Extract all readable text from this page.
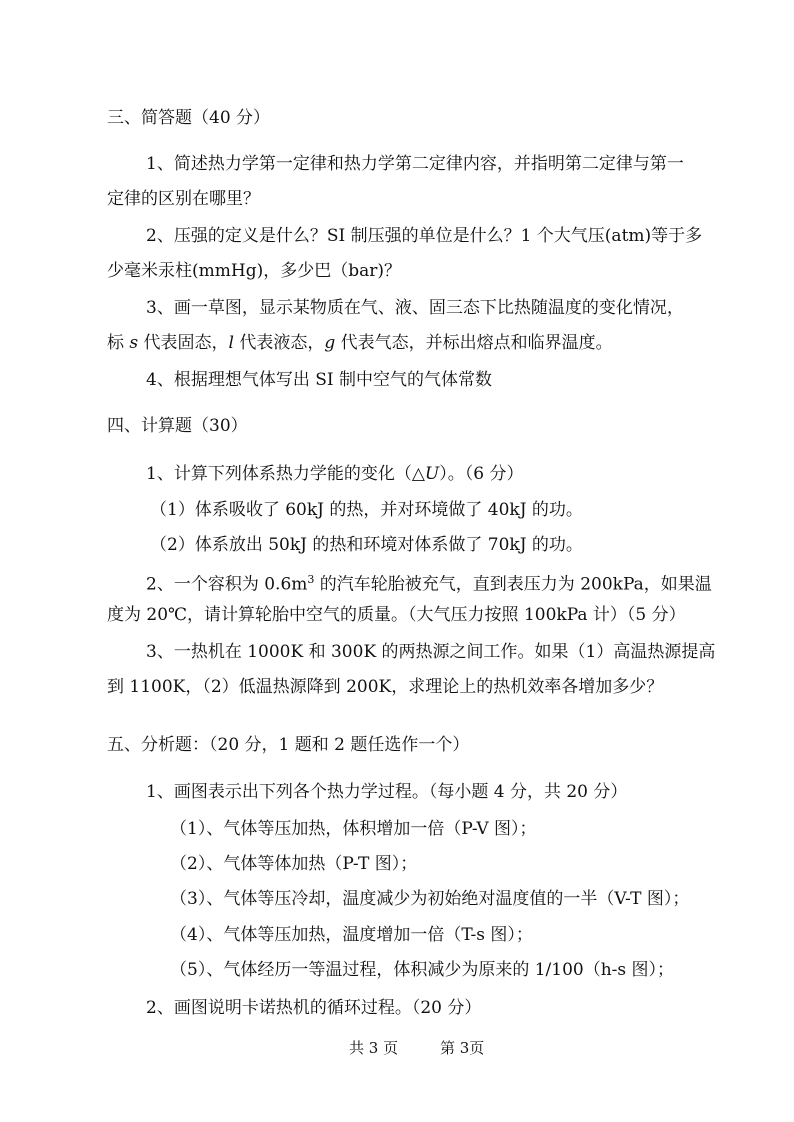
三、简答题（40 分）
1、简述热力学第一定律和热力学第二定律内容，并指明第二定律与第一
定律的区别在哪里？
2、压强的定义是什么？SI 制压强的单位是什么？1 个大气压(atm)等于多
少毫米汞柱(mmHg)，多少巴（bar)？
3、画一草图，显示某物质在气、液、固三态下比热随温度的变化情况，
标 s 代表固态，l 代表液态，g 代表气态，并标出熔点和临界温度。
4、根据理想气体写出 SI 制中空气的气体常数
四、计算题（30）
1、计算下列体系热力学能的变化（△U）。（6 分）
（1）体系吸收了 60kJ 的热，并对环境做了 40kJ 的功。
（2）体系放出 50kJ 的热和环境对体系做了 70kJ 的功。
2、一个容积为 $0.6m^3$ 的汽车轮胎被充气，直到表压力为 200kPa，如果温
度为 20℃，请计算轮胎中空气的质量。（大气压力按照 100kPa 计）（5 分）
3、一热机在 1000K 和 300K 的两热源之间工作。如果（1）高温热源提高
到 1100K，（2）低温热源降到 200K，求理论上的热机效率各增加多少？
五、分析题：（20 分，1 题和 2 题任选作一个）
1、画图表示出下列各个热力学过程。（每小题 4 分，共 20 分）
（1）、气体等压加热，体积增加一倍（P-V 图）；
（2）、气体等体加热（P-T 图）；
（3）、气体等压冷却，温度减少为初始绝对温度值的一半（V-T 图）；
（4）、气体等压加热，温度增加一倍（T-s 图）；
（5）、气体经历一等温过程，体积减少为原来的 1/100（h-s 图）；
2、画图说明卡诺热机的循环过程。（20 分）
共 3 页	第 3页
